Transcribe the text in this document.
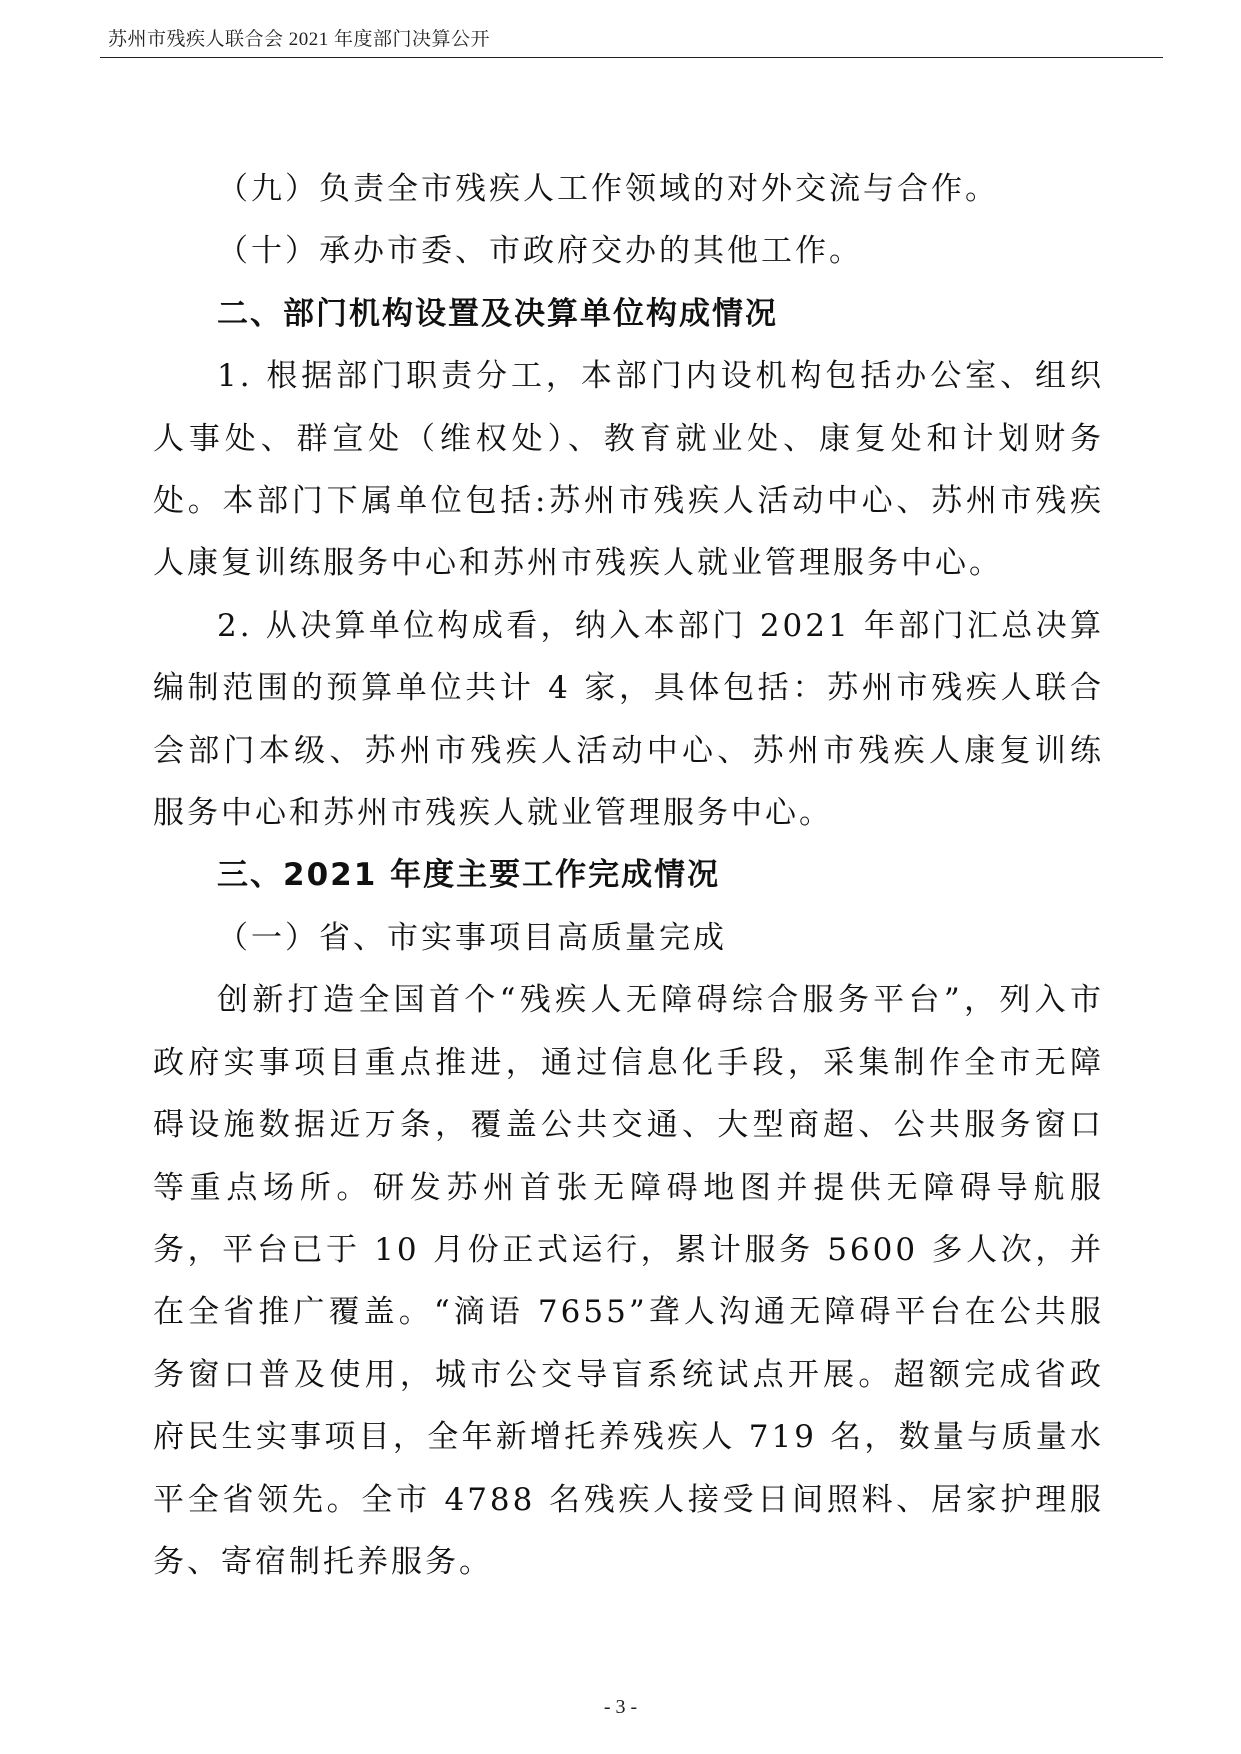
苏州市残疾人联合会 2021 年度部门决算公开

（九）负责全市残疾人工作领域的对外交流与合作。

（十）承办市委、市政府交办的其他工作。

二、部门机构设置及决算单位构成情况

1. 根据部门职责分工，本部门内设机构包括办公室、组织人事处、群宣处（维权处）、教育就业处、康复处和计划财务处。本部门下属单位包括:苏州市残疾人活动中心、苏州市残疾人康复训练服务中心和苏州市残疾人就业管理服务中心。

2. 从决算单位构成看，纳入本部门 2021 年部门汇总决算编制范围的预算单位共计 4 家，具体包括：苏州市残疾人联合会部门本级、苏州市残疾人活动中心、苏州市残疾人康复训练服务中心和苏州市残疾人就业管理服务中心。

三、2021 年度主要工作完成情况

（一）省、市实事项目高质量完成

创新打造全国首个“残疾人无障碍综合服务平台”，列入市政府实事项目重点推进，通过信息化手段，采集制作全市无障碍设施数据近万条，覆盖公共交通、大型商超、公共服务窗口等重点场所。研发苏州首张无障碍地图并提供无障碍导航服务，平台已于 10 月份正式运行，累计服务 5600 多人次，并在全省推广覆盖。“滴语 7655”聋人沟通无障碍平台在公共服务窗口普及使用，城市公交导盲系统试点开展。超额完成省政府民生实事项目，全年新增托养残疾人 719 名，数量与质量水平全省领先。全市 4788 名残疾人接受日间照料、居家护理服务、寄宿制托养服务。

- 3 -
